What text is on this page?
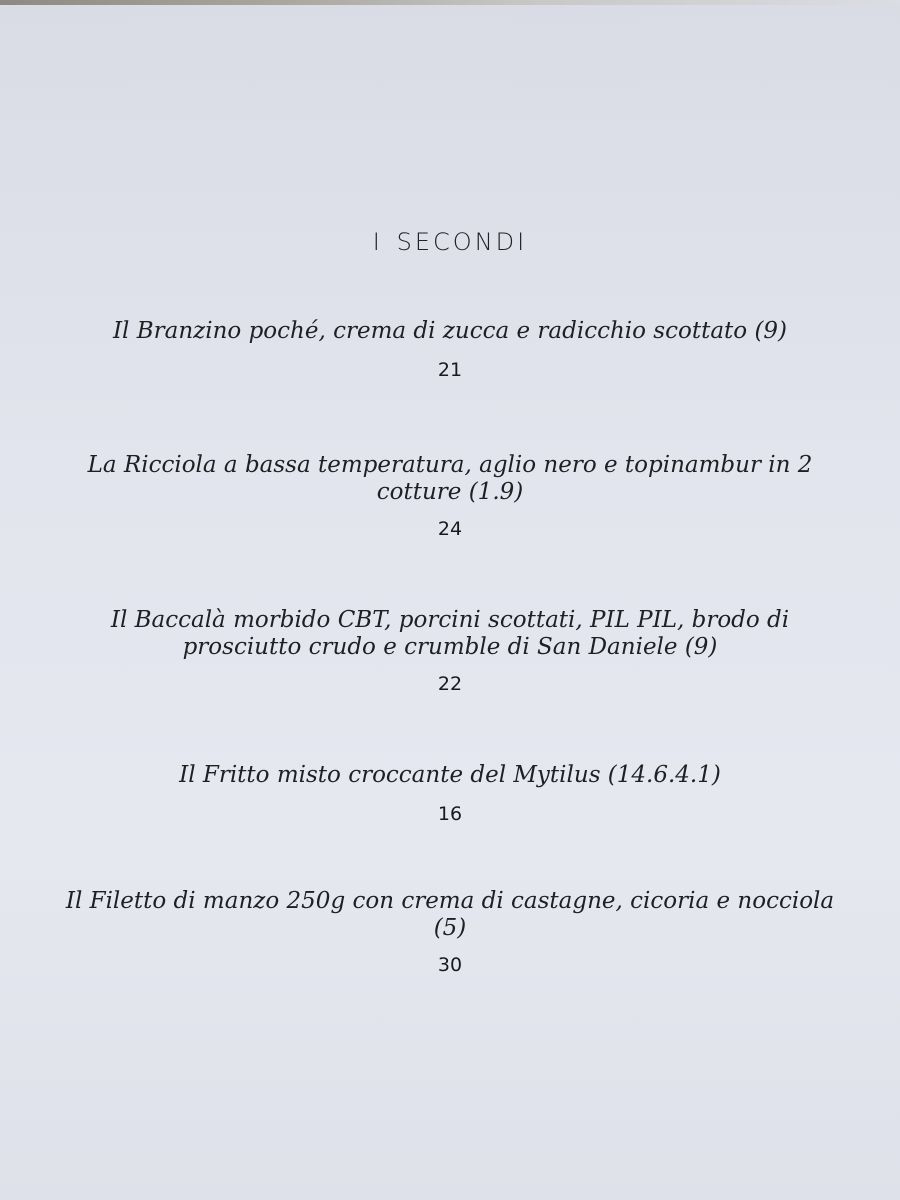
i secondi

Il Branzino poché, crema di zucca e radicchio scottato (9)

21

La Ricciola a bassa temperatura, aglio nero e topinambur in 2 cotture (1.9)

24

Il Baccalà morbido CBT, porcini scottati, PIL PIL, brodo di prosciutto crudo e crumble di San Daniele (9)

22

Il Fritto misto croccante del Mytilus (14.6.4.1)

16

Il Filetto di manzo 250g con crema di castagne, cicoria e nocciola (5)

30
